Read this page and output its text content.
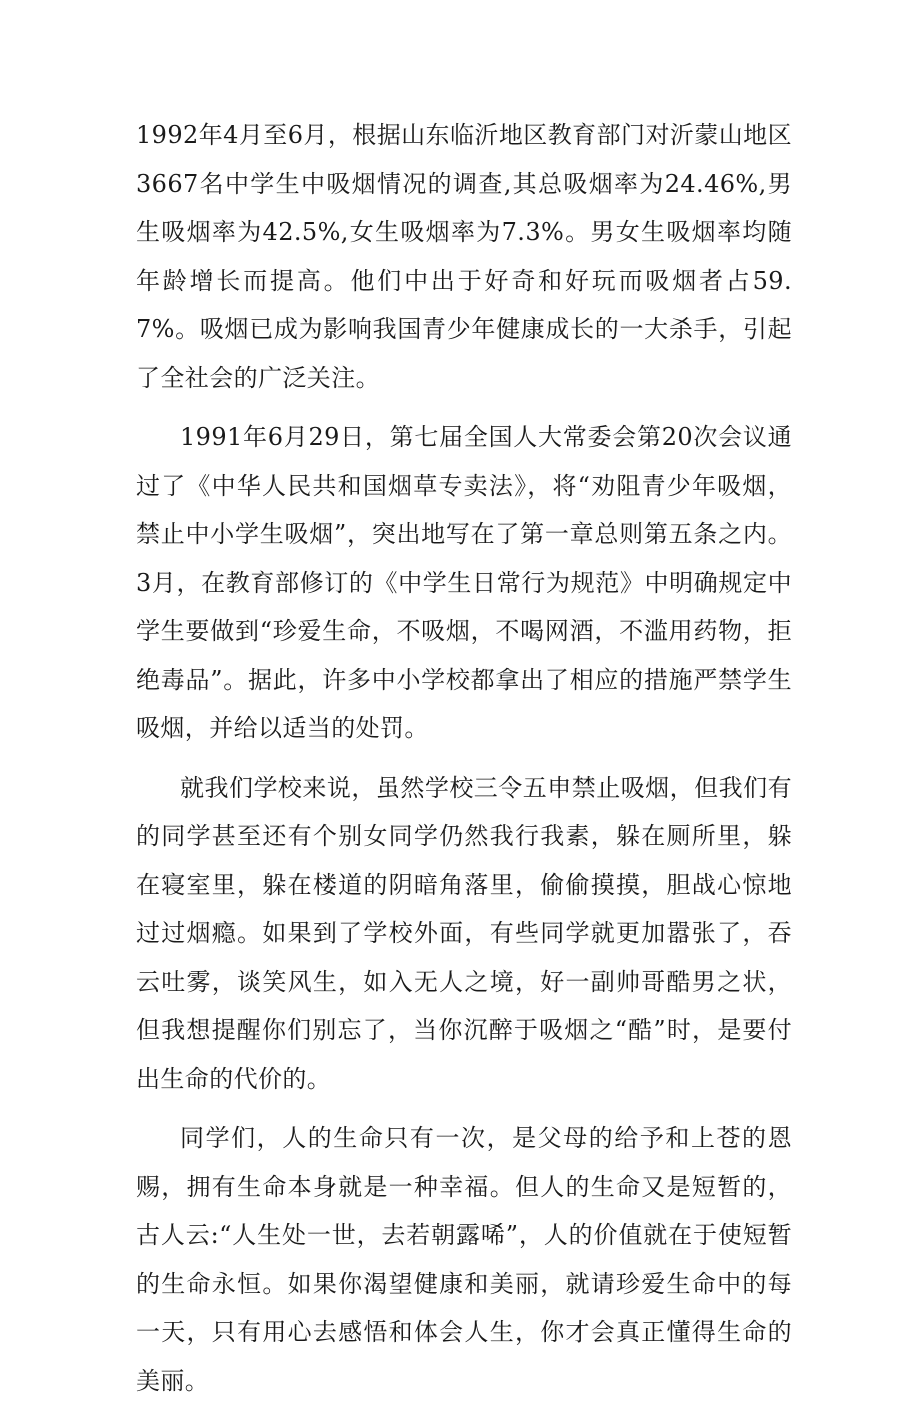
1992年4月至6月，根据山东临沂地区教育部门对沂蒙山地区3667名中学生中吸烟情况的调查,其总吸烟率为24.46%,男生吸烟率为42.5%,女生吸烟率为7.3%。男女生吸烟率均随年龄增长而提高。他们中出于好奇和好玩而吸烟者占59.7%。吸烟已成为影响我国青少年健康成长的一大杀手，引起了全社会的广泛关注。

1991年6月29日，第七届全国人大常委会第20次会议通过了《中华人民共和国烟草专卖法》，将“劝阻青少年吸烟，禁止中小学生吸烟”，突出地写在了第一章总则第五条之内。3月，在教育部修订的《中学生日常行为规范》中明确规定中学生要做到“珍爱生命，不吸烟，不喝网酒，不滥用药物，拒绝毒品”。据此，许多中小学校都拿出了相应的措施严禁学生吸烟，并给以适当的处罚。

就我们学校来说，虽然学校三令五申禁止吸烟，但我们有的同学甚至还有个别女同学仍然我行我素，躲在厕所里，躲在寝室里，躲在楼道的阴暗角落里，偷偷摸摸，胆战心惊地过过烟瘾。如果到了学校外面，有些同学就更加嚣张了，吞云吐雾，谈笑风生，如入无人之境，好一副帅哥酷男之状，但我想提醒你们别忘了，当你沉醉于吸烟之“酷”时，是要付出生命的代价的。

同学们，人的生命只有一次，是父母的给予和上苍的恩赐，拥有生命本身就是一种幸福。但人的生命又是短暂的，古人云:“人生处一世，去若朝露唏”，人的价值就在于使短暂的生命永恒。如果你渴望健康和美丽，就请珍爱生命中的每一天，只有用心去感悟和体会人生，你才会真正懂得生命的美丽。
